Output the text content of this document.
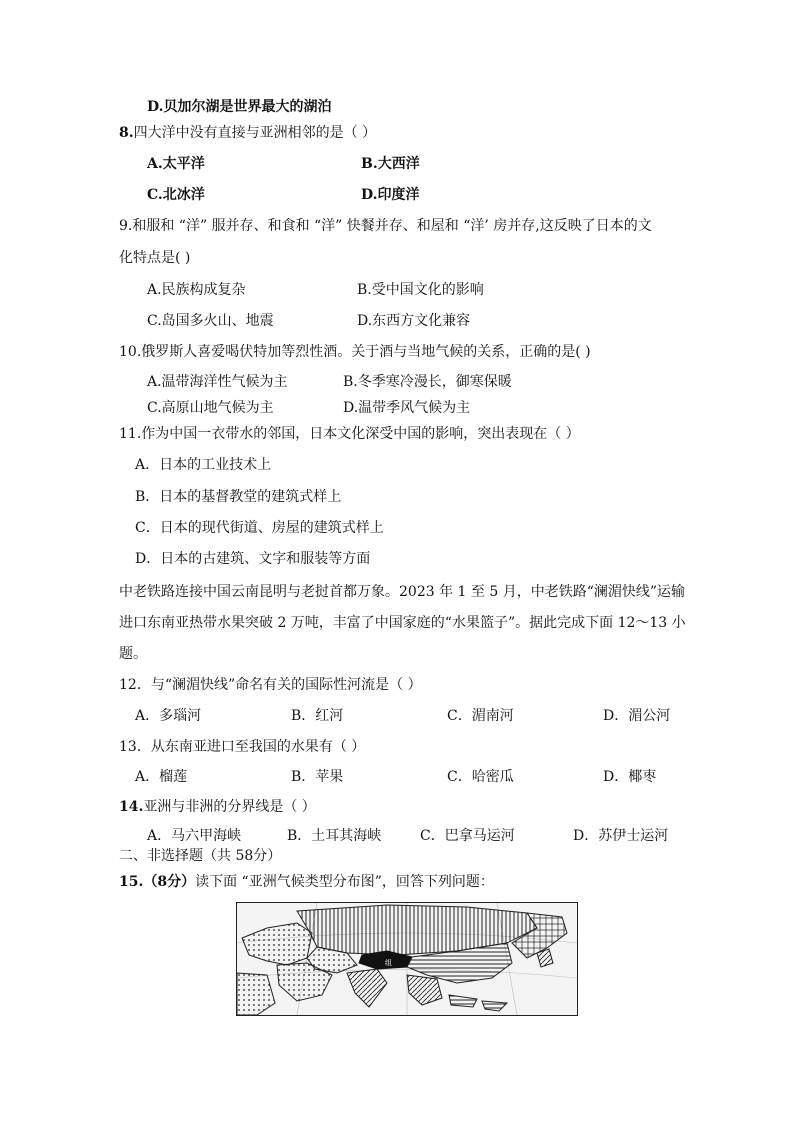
D.贝加尔湖是世界最大的湖泊
8.四大洋中没有直接与亚洲相邻的是（ ）
A.太平洋	B.大西洋
C.北冰洋	D.印度洋
9.和服和 “洋” 服并存、和食和 “洋” 快餐并存、和屋和 “洋’ 房并存,这反映了日本的文
化特点是( )
A.民族构成复杂	B.受中国文化的影响
C.岛国多火山、地震	D.东西方文化兼容
10.俄罗斯人喜爱喝伏特加等烈性酒。关于酒与当地气候的关系，正确的是( )
A.温带海洋性气候为主	B.冬季寒冷漫长，御寒保暖
C.高原山地气候为主	D.温带季风气候为主
11.作为中国一衣带水的邻国，日本文化深受中国的影响，突出表现在（ ）
A．日本的工业技术上
B．日本的基督教堂的建筑式样上
C．日本的现代街道、房屋的建筑式样上
D．日本的古建筑、文字和服装等方面
中老铁路连接中国云南昆明与老挝首都万象。2023 年 1 至 5 月，中老铁路“澜湄快线”运输
进口东南亚热带水果突破 2 万吨，丰富了中国家庭的“水果篮子”。据此完成下面 12～13 小
题。
12．与“澜湄快线”命名有关的国际性河流是（ ）
A．多瑙河	B．红河	C．湄南河	D．湄公河
13．从东南亚进口至我国的水果有（ ）
A．榴莲	B．苹果	C．哈密瓜	D．椰枣
14.亚洲与非洲的分界线是（ ）
A．马六甲海峡	B．土耳其海峡	C．巴拿马运河	D．苏伊士运河
二、非选择题（共 58分）
15.（8分）读下面 “亚洲气候类型分布图”，回答下列问题：
组
